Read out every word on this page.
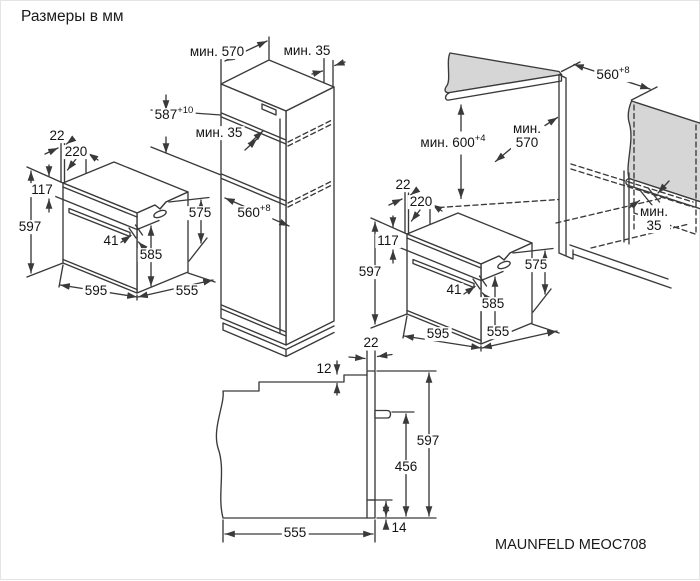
Размеры в мм
MAUNFELD MEOC708
22
220
117
597
41
585
595	555
575
22
220
117
597
41
585
595	555
575
мин. 570	мин. 35
$587^{+10}$
мин. 35
$560^{+8}$
$560^{+8}$
мин. $600^{+4}$
мин.
570
мин.
35
22
12
597
456
555	14
